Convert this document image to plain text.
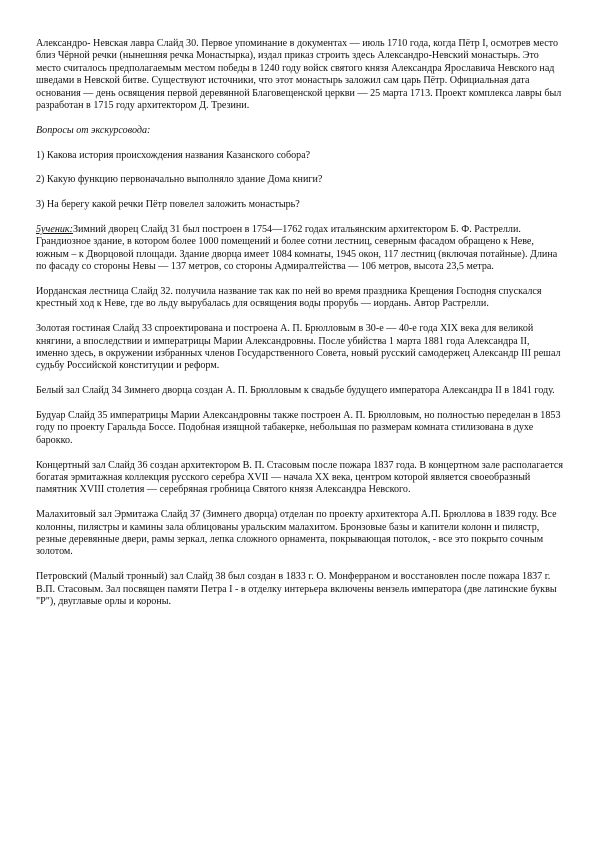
Александро- Невская лавра Слайд 30. Первое упоминание в документах — июль 1710 года, когда Пётр I, осмотрев место близ Чёрной речки (нынешняя речка Монастырка), издал приказ строить здесь Александро-Невский монастырь. Это место считалось предполагаемым местом победы в 1240 году войск святого князя Александра Ярославича Невского над шведами в Невской битве. Существуют источники, что этот монастырь заложил сам царь Пётр. Официальная дата основания — день освящения первой деревянной Благовещенской церкви — 25 марта 1713. Проект комплекса лавры был разработан в 1715 году архитектором Д. Трезини.

Вопросы от экскурсовода:

1) Какова история происхождения названия Казанского собора?

2) Какую функцию первоначально выполняло здание Дома книги?

3) На берегу какой речки Пётр повелел заложить монастырь?

5ученик:Зимний дворец Слайд 31 был построен в 1754—1762 годах итальянским архитектором Б. Ф. Растрелли. Грандиозное здание, в котором более 1000 помещений и более сотни лестниц, северным фасадом обращено к Неве, южным – к Дворцовой площади. Здание дворца имеет 1084 комнаты, 1945 окон, 117 лестниц (включая потайные). Длина по фасаду со стороны Невы — 137 метров, со стороны Адмиралтейства — 106 метров, высота 23,5 метра.

Иорданская лестница Слайд 32. получила название так как по ней во время праздника Крещения Господня спускался крестный ход к Неве, где во льду вырубалась для освящения воды прорубь — иордань. Автор Растрелли.

Золотая гостиная Слайд 33 спроектирована и построена А. П. Брюлловым в 30-е — 40-е года XIX века для великой княгини, а впоследствии и императрицы Марии Александровны. После убийства 1 марта 1881 года Александра II, именно здесь, в окружении избранных членов Государственного Совета, новый русский самодержец Александр III решал судьбу Российской конституции и реформ.

Белый зал Слайд 34 Зимнего дворца создан А. П. Брюлловым к свадьбе будущего императора Александра II в 1841 году.

Будуар Слайд 35 императрицы Марии Александровны также построен А. П. Брюлловым, но полностью переделан в 1853 году по проекту Гаральда Боссе. Подобная изящной табакерке, небольшая по размерам комната стилизована в духе барокко.

Концертный зал Слайд 36 создан архитектором В. П. Стасовым после пожара 1837 года. В концертном зале располагается богатая эрмитажная коллекция русского серебра XVII — начала XX века, центром которой является своеобразный памятник XVIII столетия — серебряная гробница Святого князя Александра Невского.

Малахитовый зал Эрмитажа Слайд 37 (Зимнего дворца) отделан по проекту архитектора А.П. Брюллова в 1839 году. Все колонны, пилястры и камины зала облицованы уральским малахитом. Бронзовые базы и капители колонн и пилястр, резные деревянные двери, рамы зеркал, лепка сложного орнамента, покрывающая потолок, - все это покрыто сочным золотом.

Петровский (Малый тронный) зал Слайд 38 был создан в 1833 г. О. Монферраном и восстановлен после пожара 1837 г. В.П. Стасовым. Зал посвящен памяти Петра I - в отделку интерьера включены вензель императора (две латинские буквы "Р"), двуглавые орлы и короны.
